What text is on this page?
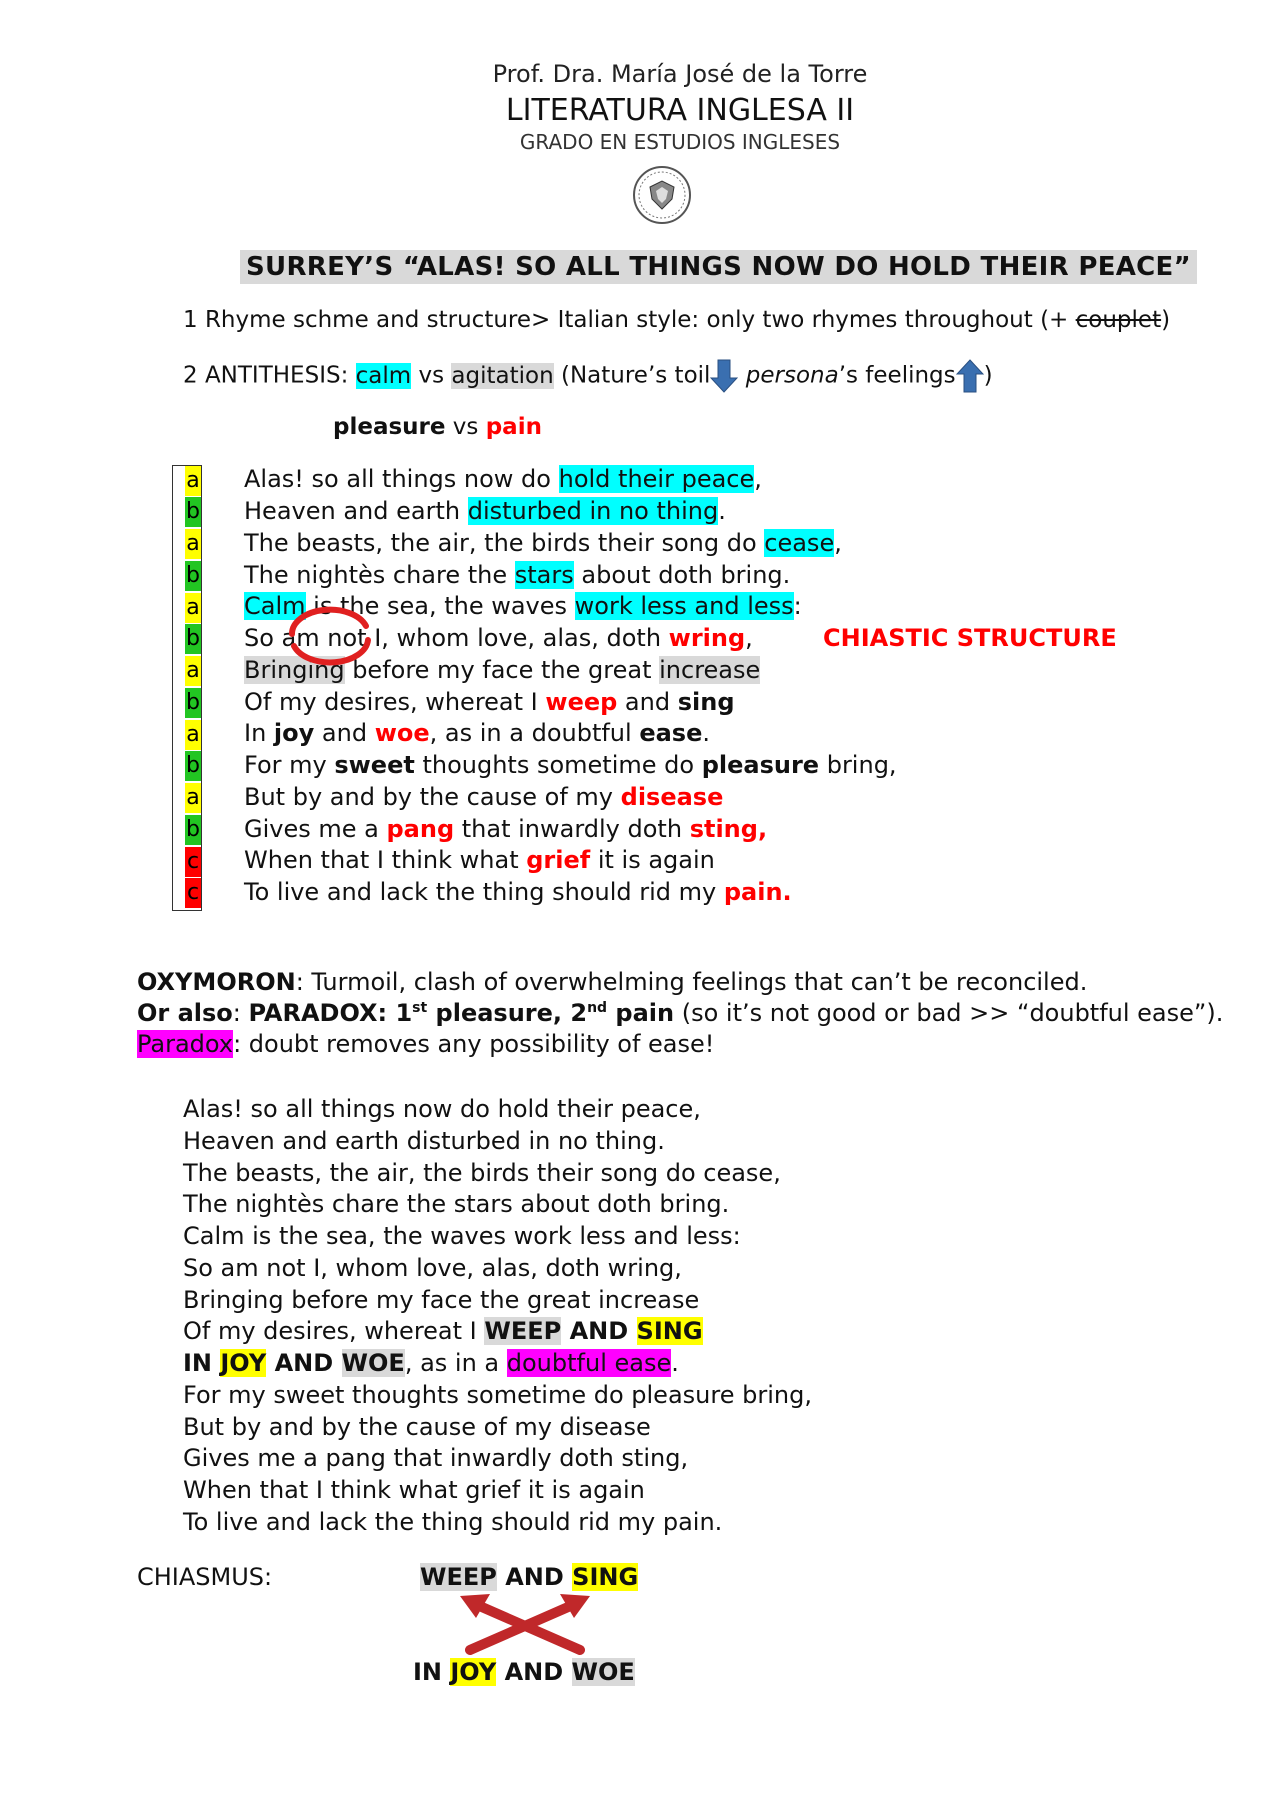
Prof. Dra. María José de la Torre
LITERATURA INGLESA II
GRADO EN ESTUDIOS INGLESES
SURREY’S “ALAS! SO ALL THINGS NOW DO HOLD THEIR PEACE”
1 Rhyme schme and structure> Italian style: only two rhymes throughout (+ couplet)
2 ANTITHESIS: calm vs agitation (Nature’s toil persona’s feelings )
pleasure vs pain
a
b
a
b
a
b
a
b
a
b
a
b
c
c
Alas! so all things now do hold their peace,
Heaven and earth disturbed in no thing.
The beasts, the air, the birds their song do cease,
The nightès chare the stars about doth bring.
Calm is the sea, the waves work less and less:
So am not I, whom love, alas, doth wring,
Bringing before my face the great increase
Of my desires, whereat I weep and sing
In joy and woe, as in a doubtful ease.
For my sweet thoughts sometime do pleasure bring,
But by and by the cause of my disease
Gives me a pang that inwardly doth sting,
When that I think what grief it is again
To live and lack the thing should rid my pain.
CHIASTIC STRUCTURE
OXYMORON: Turmoil, clash of overwhelming feelings that can’t be reconciled.
Or also: PARADOX: 1st pleasure, 2nd pain (so it’s not good or bad >> “doubtful ease”).
Paradox: doubt removes any possibility of ease!
Alas! so all things now do hold their peace,
Heaven and earth disturbed in no thing.
The beasts, the air, the birds their song do cease,
The nightès chare the stars about doth bring.
Calm is the sea, the waves work less and less:
So am not I, whom love, alas, doth wring,
Bringing before my face the great increase
Of my desires, whereat I WEEP AND SING
IN JOY AND WOE, as in a doubtful ease.
For my sweet thoughts sometime do pleasure bring,
But by and by the cause of my disease
Gives me a pang that inwardly doth sting,
When that I think what grief it is again
To live and lack the thing should rid my pain.
CHIASMUS:	WEEP AND SING
IN JOY AND WOE
